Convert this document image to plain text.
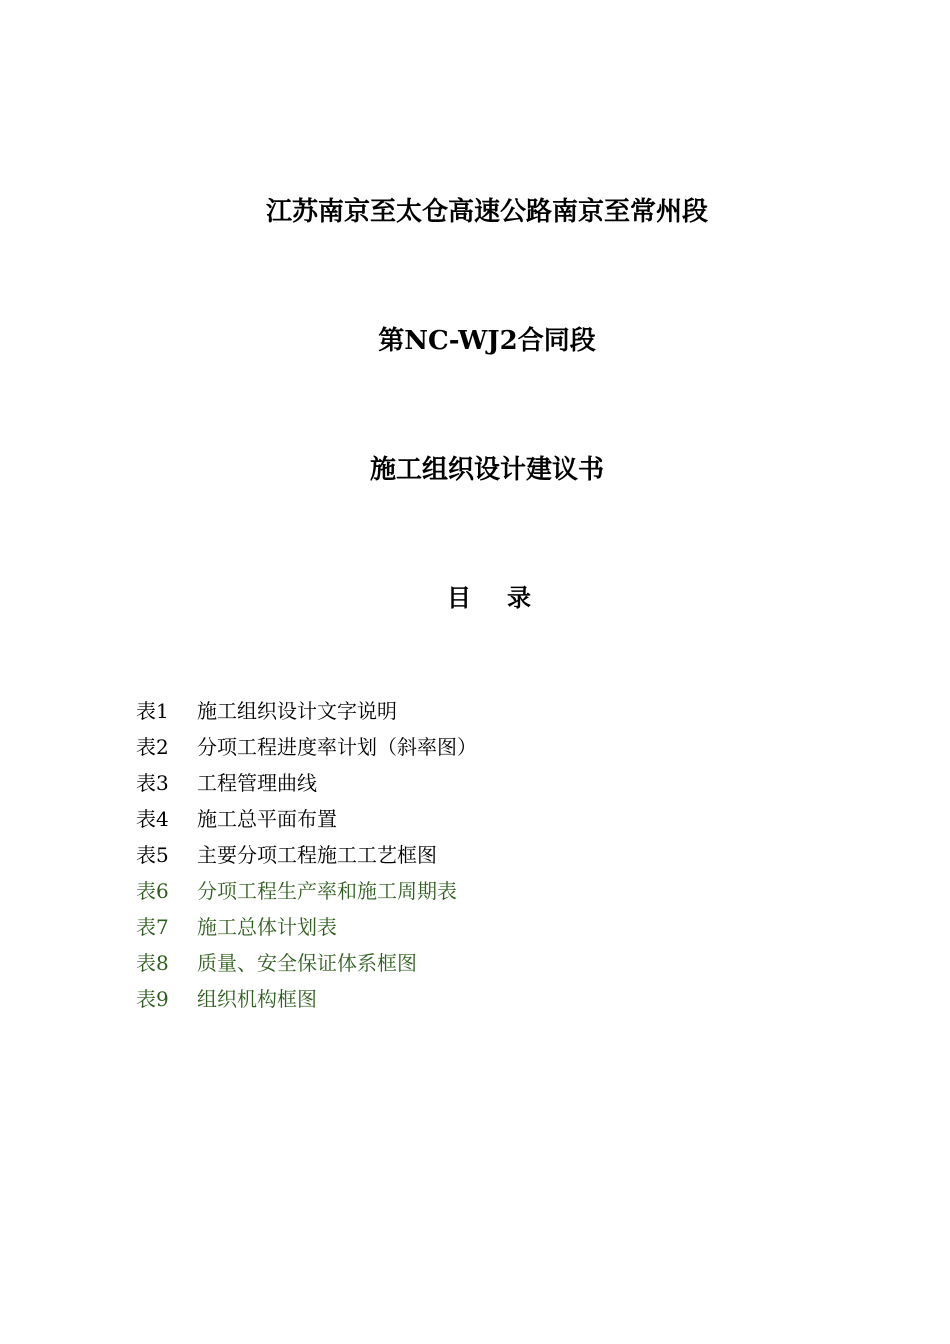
江苏南京至太仓高速公路南京至常州段
第NC-WJ2合同段
施工组织设计建议书
目录
表1 施工组织设计文字说明
表2 分项工程进度率计划（斜率图）
表3 工程管理曲线
表4 施工总平面布置
表5 主要分项工程施工工艺框图
表6 分项工程生产率和施工周期表
表7 施工总体计划表
表8 质量、安全保证体系框图
表9 组织机构框图
